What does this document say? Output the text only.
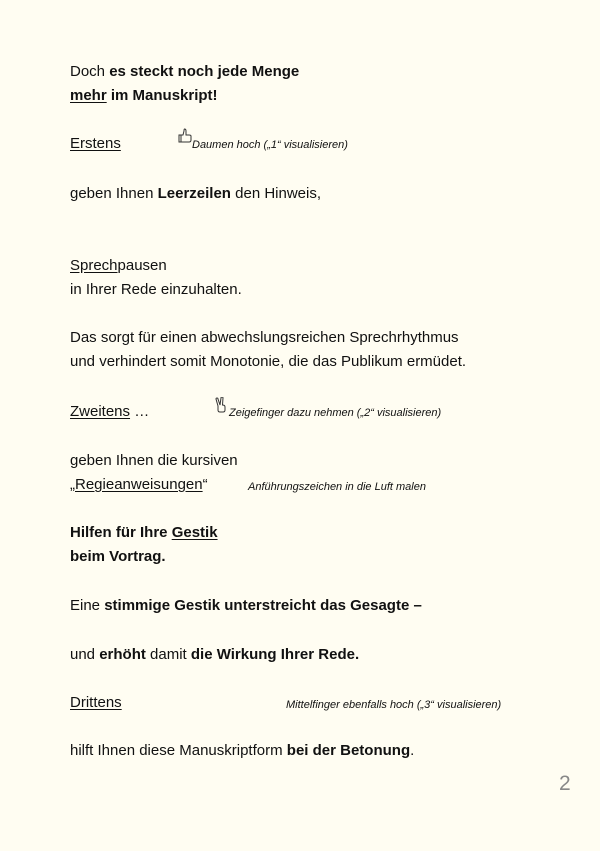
Doch es steckt noch jede Menge
mehr im Manuskript!
Erstens	Daumen hoch („1“ visualisieren)
geben Ihnen Leerzeilen den Hinweis,
Sprechpausen
in Ihrer Rede einzuhalten.
Das sorgt für einen abwechslungsreichen Sprechrhythmus
und verhindert somit Monotonie, die das Publikum ermüdet.
Zweitens …	Zeigefinger dazu nehmen („2“ visualisieren)
geben Ihnen die kursiven
„Regieanweisungen“	Anführungszeichen in die Luft malen
Hilfen für Ihre Gestik
beim Vortrag.
Eine stimmige Gestik unterstreicht das Gesagte –
und erhöht damit die Wirkung Ihrer Rede.
Drittens	Mittelfinger ebenfalls hoch („3“ visualisieren)
hilft Ihnen diese Manuskriptform bei der Betonung.
2
